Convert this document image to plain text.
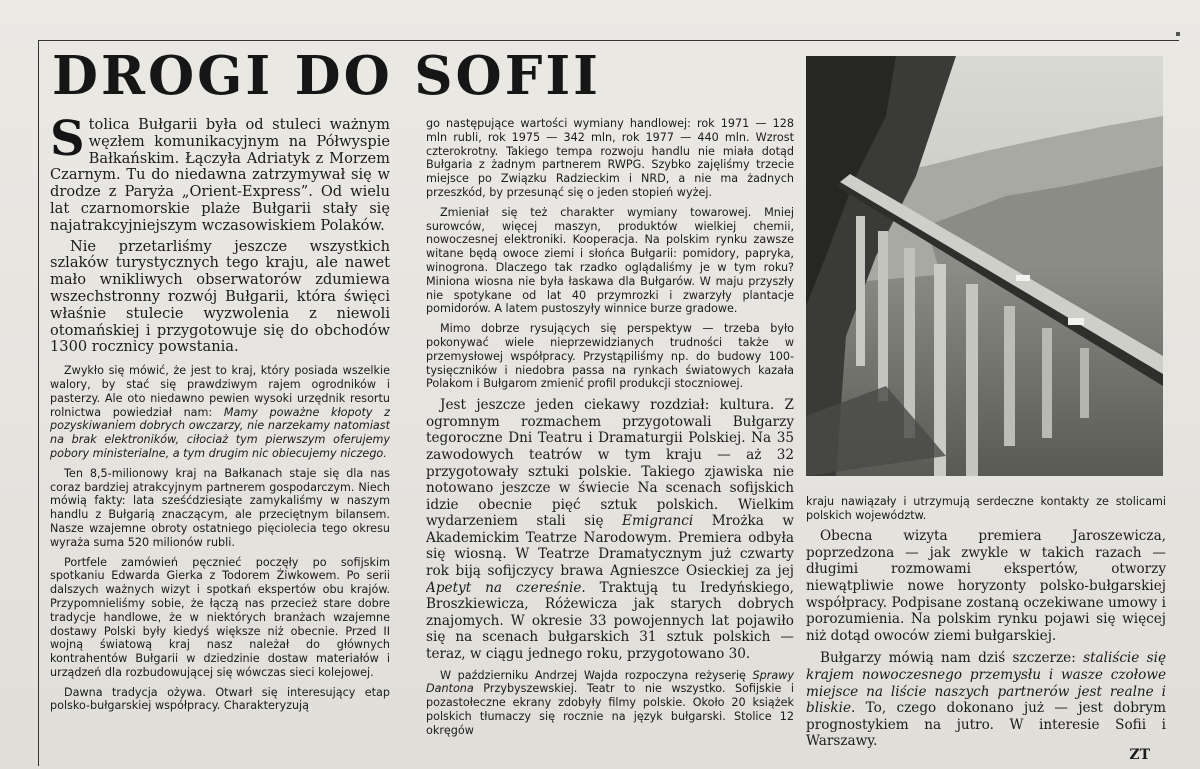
DROGI DO SOFII

Stolica Bułgarii była od stuleci ważnym węzłem komunikacyjnym na Półwyspie Bałkańskim. Łączyła Adriatyk z Morzem Czarnym. Tu do niedawna zatrzymywał się w drodze z Paryża „Orient-Express”. Od wielu lat czarnomorskie plaże Bułgarii stały się najatrakcyjniejszym wczasowiskiem Polaków.

Nie przetarliśmy jeszcze wszystkich szlaków turystycznych tego kraju, ale nawet mało wnikliwych obserwatorów zdumiewa wszechstronny rozwój Bułgarii, która święci właśnie stulecie wyzwolenia z niewoli otomańskiej i przygotowuje się do obchodów 1300 rocznicy powstania.

Zwykło się mówić, że jest to kraj, który posiada wszelkie walory, by stać się prawdziwym rajem ogrodników i pasterzy. Ale oto niedawno pewien wysoki urzędnik resortu rolnictwa powiedział nam: Mamy poważne kłopoty z pozyskiwaniem dobrych owczarzy, nie narzekamy natomiast na brak elektroników, ciłociaż tym pierwszym oferujemy pobory ministerialne, a tym drugim nic obiecujemy niczego.

Ten 8,5-milionowy kraj na Bałkanach staje się dla nas coraz bardziej atrakcyjnym partnerem gospodarczym. Niech mówią fakty: lata sześćdziesiąte zamykaliśmy w naszym handlu z Bułgarią znaczącym, ale przeciętnym bilansem. Nasze wzajemne obroty ostatniego pięciolecia tego okresu wyraża suma 520 milionów rubli.

Portfele zamówień pęcznieć poczęły po sofijskim spotkaniu Edwarda Gierka z Todorem Żiwkowem. Po serii dalszych ważnych wizyt i spotkań ekspertów obu krajów. Przypomnieliśmy sobie, że łączą nas przecież stare dobre tradycje handlowe, że w niektórych branżach wzajemne dostawy Polski były kiedyś większe niż obecnie. Przed II wojną światową kraj nasz należał do głównych kontrahentów Bułgarii w dziedzinie dostaw materiałów i urządzeń dla rozbudowującej się wówczas sieci kolejowej.

Dawna tradycja ożywa. Otwarł się interesujący etap polsko-bułgarskiej współpracy. Charakteryzują

go następujące wartości wymiany handlowej: rok 1971 — 128 mln rubli, rok 1975 — 342 mln, rok 1977 — 440 mln. Wzrost czterokrotny. Takiego tempa rozwoju handlu nie miała dotąd Bułgaria z żadnym partnerem RWPG. Szybko zajęliśmy trzecie miejsce po Związku Radzieckim i NRD, a nie ma żadnych przeszkód, by przesunąć się o jeden stopień wyżej.

Zmieniał się też charakter wymiany towarowej. Mniej surowców, więcej maszyn, produktów wielkiej chemii, nowoczesnej elektroniki. Kooperacja. Na polskim rynku zawsze witane będą owoce ziemi i słońca Bułgarii: pomidory, papryka, winogrona. Dlaczego tak rzadko oglądaliśmy je w tym roku? Miniona wiosna nie była łaskawa dla Bułgarów. W maju przyszły nie spotykane od lat 40 przymrozki i zwarzyły plantacje pomidorów. A latem pustoszyły winnice burze gradowe.

Mimo dobrze rysujących się perspektyw — trzeba było pokonywać wiele nieprzewidzianych trudności także w przemysłowej współpracy. Przystąpiliśmy np. do budowy 100-tysięczników i niedobra passa na rynkach światowych kazała Polakom i Bułgarom zmienić profil produkcji stoczniowej.

Jest jeszcze jeden ciekawy rozdział: kultura. Z ogromnym rozmachem przygotowali Bułgarzy tegoroczne Dni Teatru i Dramaturgii Polskiej. Na 35 zawodowych teatrów w tym kraju — aż 32 przygotowały sztuki polskie. Takiego zjawiska nie notowano jeszcze w świecie Na scenach sofijskich idzie obecnie pięć sztuk polskich. Wielkim wydarzeniem stali się Emigranci Mrożka w Akademickim Teatrze Narodowym. Premiera odbyła się wiosną. W Teatrze Dramatycznym już czwarty rok biją sofijczycy brawa Agnieszce Osieckiej za jej Apetyt na czereśnie. Traktują tu Iredyńskiego, Broszkiewicza, Różewicza jak starych dobrych znajomych. W okresie 33 powojennych lat pojawiło się na scenach bułgarskich 31 sztuk polskich — teraz, w ciągu jednego roku, przygotowano 30.

W październiku Andrzej Wajda rozpoczyna reżyserię Sprawy Dantona Przybyszewskiej. Teatr to nie wszystko. Sofijskie i pozastołeczne ekrany zdobyły filmy polskie. Około 20 książek polskich tłumaczy się rocznie na język bułgarski. Stolice 12 okręgów

kraju nawiązały i utrzymują serdeczne kontakty ze stolicami polskich województw.

Obecna wizyta premiera Jaroszewicza, poprzedzona — jak zwykle w takich razach — długimi rozmowami ekspertów, otworzy niewątpliwie nowe horyzonty polsko-bułgarskiej współpracy. Podpisane zostaną oczekiwane umowy i porozumienia. Na polskim rynku pojawi się więcej niż dotąd owoców ziemi bułgarskiej.

Bułgarzy mówią nam dziś szczerze: staliście się krajem nowoczesnego przemysłu i wasze czołowe miejsce na liście naszych partnerów jest realne i bliskie. To, czego dokonano już — jest dobrym prognostykiem na jutro. W interesie Sofii i Warszawy.

ZT
